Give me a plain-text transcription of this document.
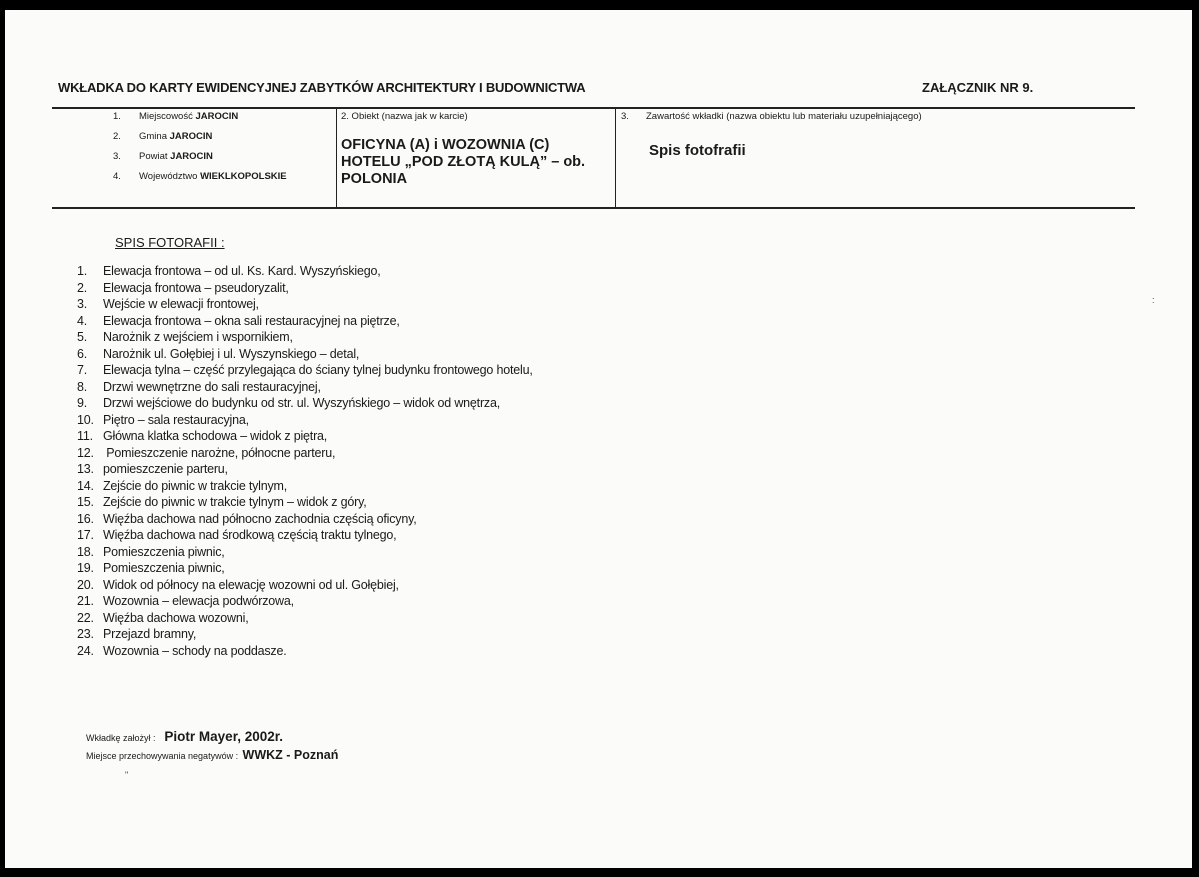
WKŁADKA DO KARTY EWIDENCYJNEJ ZABYTKÓW ARCHITEKTURY I BUDOWNICTWA	ZAŁĄCZNIK NR 9.
1. Miejscowość JAROCIN
2. Gmina JAROCIN
3. Powiat JAROCIN
4. Województwo WIEKLKOPOLSKIE
2. Obiekt (nazwa jak w karcie)
OFICYNA (A) i WOZOWNIA (C) HOTELU „POD ZŁOTĄ KULĄ” – ob. POLONIA
3. Zawartość wkładki (nazwa obiektu lub materiału uzupełniającego)
Spis fotofrafii
SPIS FOTORAFII :
1. Elewacja frontowa – od ul. Ks. Kard. Wyszyńskiego,
2. Elewacja frontowa – pseudoryzalit,
3. Wejście w elewacji frontowej,
4. Elewacja frontowa – okna sali restauracyjnej na piętrze,
5. Narożnik z wejściem i wspornikiem,
6. Narożnik ul. Gołębiej i ul. Wyszynskiego – detal,
7. Elewacja tylna – część przylegająca do ściany tylnej budynku frontowego hotelu,
8. Drzwi wewnętrzne do sali restauracyjnej,
9. Drzwi wejściowe do budynku od str. ul. Wyszyńskiego – widok od wnętrza,
10. Piętro – sala restauracyjna,
11. Główna klatka schodowa – widok z piętra,
12. Pomieszczenie narożne, północne parteru,
13. pomieszczenie parteru,
14. Zejście do piwnic w trakcie tylnym,
15. Zejście do piwnic w trakcie tylnym – widok z góry,
16. Więźba dachowa nad północno zachodnia częścią oficyny,
17. Więźba dachowa nad środkową częścią traktu tylnego,
18. Pomieszczenia piwnic,
19. Pomieszczenia piwnic,
20. Widok od północy na elewację wozowni od ul. Gołębiej,
21. Wozownia – elewacja podwórzowa,
22. Więźba dachowa wozowni,
23. Przejazd bramny,
24. Wozownia – schody na poddasze.
Wkładkę założył : Piotr Mayer, 2002r.
Miejsce przechowywania negatywów : WWKZ - Poznań
"
:
